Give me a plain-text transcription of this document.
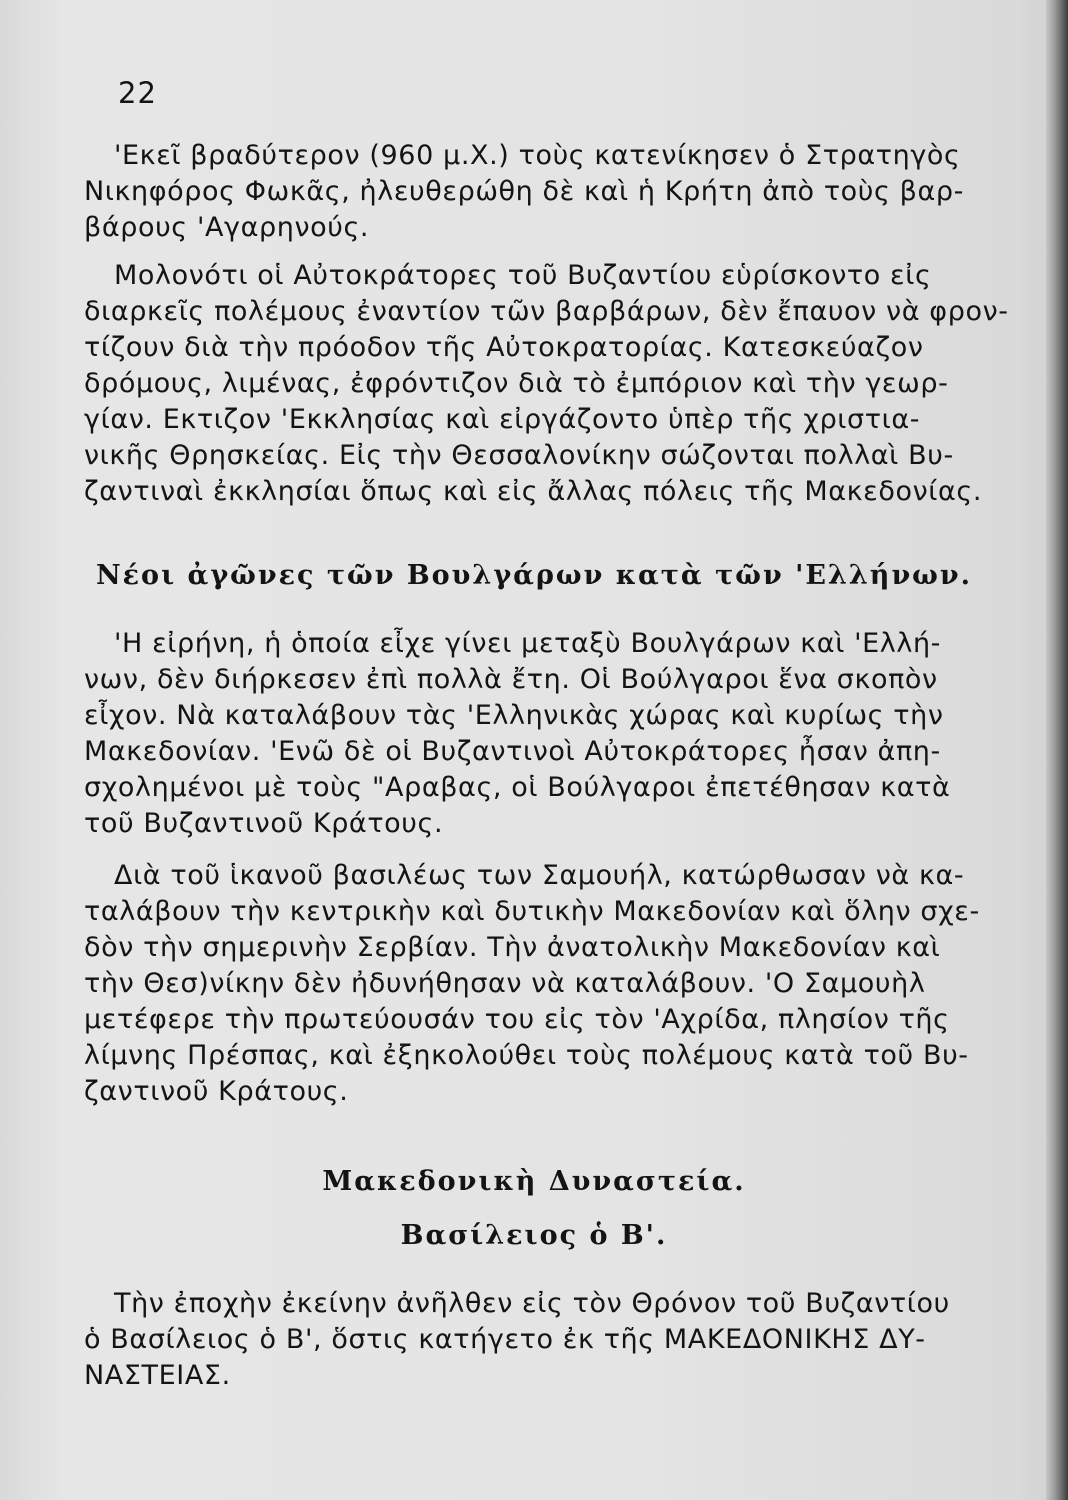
22
'Εκεῖ βραδύτερον (960 μ.Χ.) τοὺς κατενίκησεν ὁ Στρατηγὸς
Νικηφόρος Φωκᾶς, ἠλευθερώθη δὲ καὶ ἡ Κρήτη ἀπὸ τοὺς βαρ-
βάρους 'Αγαρηνούς.
Μολονότι οἱ Αὐτοκράτορες τοῦ Βυζαντίου εὑρίσκοντο εἰς
διαρκεῖς πολέμους ἐναντίον τῶν βαρβάρων, δὲν ἔπαυον νὰ φρον-
τίζουν διὰ τὴν πρόοδον τῆς Αὐτοκρατορίας. Κατεσκεύαζον
δρόμους, λιμένας, ἐφρόντιζον διὰ τὸ ἐμπόριον καὶ τὴν γεωρ-
γίαν. Εκτιζον 'Εκκλησίας καὶ εἰργάζοντο ὑπὲρ τῆς χριστια-
νικῆς Θρησκείας. Εἰς τὴν Θεσσαλονίκην σώζονται πολλαὶ Βυ-
ζαντιναὶ ἐκκλησίαι ὅπως καὶ εἰς ἄλλας πόλεις τῆς Μακεδονίας.
Νέοι ἀγῶνες τῶν Βουλγάρων κατὰ τῶν 'Ελλήνων.
'Η εἰρήνη, ἡ ὁποία εἶχε γίνει μεταξὺ Βουλγάρων καὶ 'Ελλή-
νων, δὲν διήρκεσεν ἐπὶ πολλὰ ἔτη. Οἱ Βούλγαροι ἕνα σκοπὸν
εἶχον. Νὰ καταλάβουν τὰς 'Ελληνικὰς χώρας καὶ κυρίως τὴν
Μακεδονίαν. 'Ενῶ δὲ οἱ Βυζαντινοὶ Αὐτοκράτορες ἦσαν ἀπη-
σχολημένοι μὲ τοὺς "Αραβας, οἱ Βούλγαροι ἐπετέθησαν κατὰ
τοῦ Βυζαντινοῦ Κράτους.
Διὰ τοῦ ἱκανοῦ βασιλέως των Σαμουήλ, κατώρθωσαν νὰ κα-
ταλάβουν τὴν κεντρικὴν καὶ δυτικὴν Μακεδονίαν καὶ ὅλην σχε-
δὸν τὴν σημερινὴν Σερβίαν. Τὴν ἀνατολικὴν Μακεδονίαν καὶ
τὴν Θεσ)νίκην δὲν ἠδυνήθησαν νὰ καταλάβουν. 'Ο Σαμουὴλ
μετέφερε τὴν πρωτεύουσάν του εἰς τὸν 'Αχρίδα, πλησίον τῆς
λίμνης Πρέσπας, καὶ ἐξηκολούθει τοὺς πολέμους κατὰ τοῦ Βυ-
ζαντινοῦ Κράτους.
Μακεδονικὴ Δυναστεία.
Βασίλειος ὁ Β'.
Τὴν ἐποχὴν ἐκείνην ἀνῆλθεν εἰς τὸν Θρόνον τοῦ Βυζαντίου
ὁ Βασίλειος ὁ Β', ὅστις κατήγετο ἐκ τῆς ΜΑΚΕΔΟΝΙΚΗΣ ΔΥ-
ΝΑΣΤΕΙΑΣ.
